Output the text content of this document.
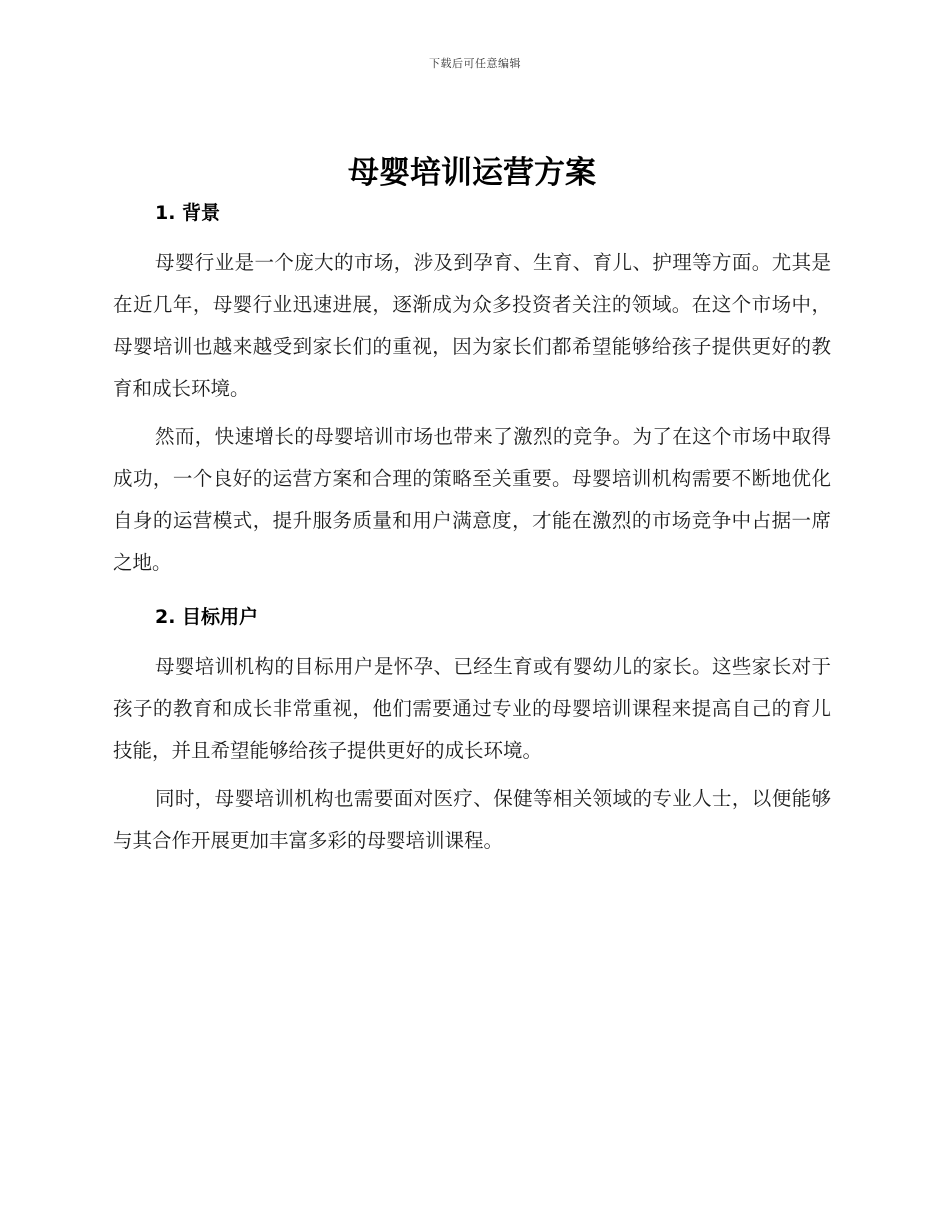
下载后可任意编辑
母婴培训运营方案
1. 背景

母婴行业是一个庞大的市场，涉及到孕育、生育、育儿、护理等方面。尤其是在近几年，母婴行业迅速进展，逐渐成为众多投资者关注的领域。在这个市场中，母婴培训也越来越受到家长们的重视，因为家长们都希望能够给孩子提供更好的教育和成长环境。

然而，快速增长的母婴培训市场也带来了激烈的竞争。为了在这个市场中取得成功，一个良好的运营方案和合理的策略至关重要。母婴培训机构需要不断地优化自身的运营模式，提升服务质量和用户满意度，才能在激烈的市场竞争中占据一席之地。

2. 目标用户

母婴培训机构的目标用户是怀孕、已经生育或有婴幼儿的家长。这些家长对于孩子的教育和成长非常重视，他们需要通过专业的母婴培训课程来提高自己的育儿技能，并且希望能够给孩子提供更好的成长环境。

同时，母婴培训机构也需要面对医疗、保健等相关领域的专业人士，以便能够与其合作开展更加丰富多彩的母婴培训课程。
